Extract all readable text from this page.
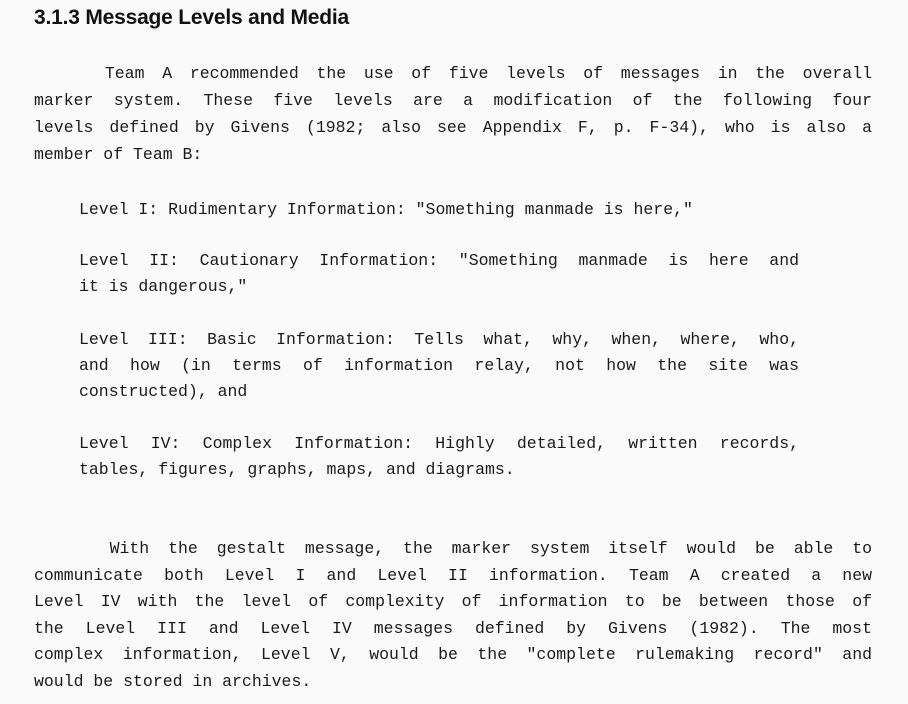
3.1.3 Message Levels and Media
Team A recommended the use of five levels of messages in the overall
marker system. These five levels are a modification of the following four
levels defined by Givens (1982; also see Appendix F, p. F-34), who is also a
member of Team B:
Level I: Rudimentary Information: "Something manmade is here,"
Level II: Cautionary Information: "Something manmade is here and
it is dangerous,"
Level III: Basic Information: Tells what, why, when, where, who,
and how (in terms of information relay, not how the site was
constructed), and
Level IV: Complex Information: Highly detailed, written records,
tables, figures, graphs, maps, and diagrams.
With the gestalt message, the marker system itself would be able to
communicate both Level I and Level II information. Team A created a new
Level IV with the level of complexity of information to be between those of
the Level III and Level IV messages defined by Givens (1982). The most
complex information, Level V, would be the "complete rulemaking record" and
would be stored in archives.
